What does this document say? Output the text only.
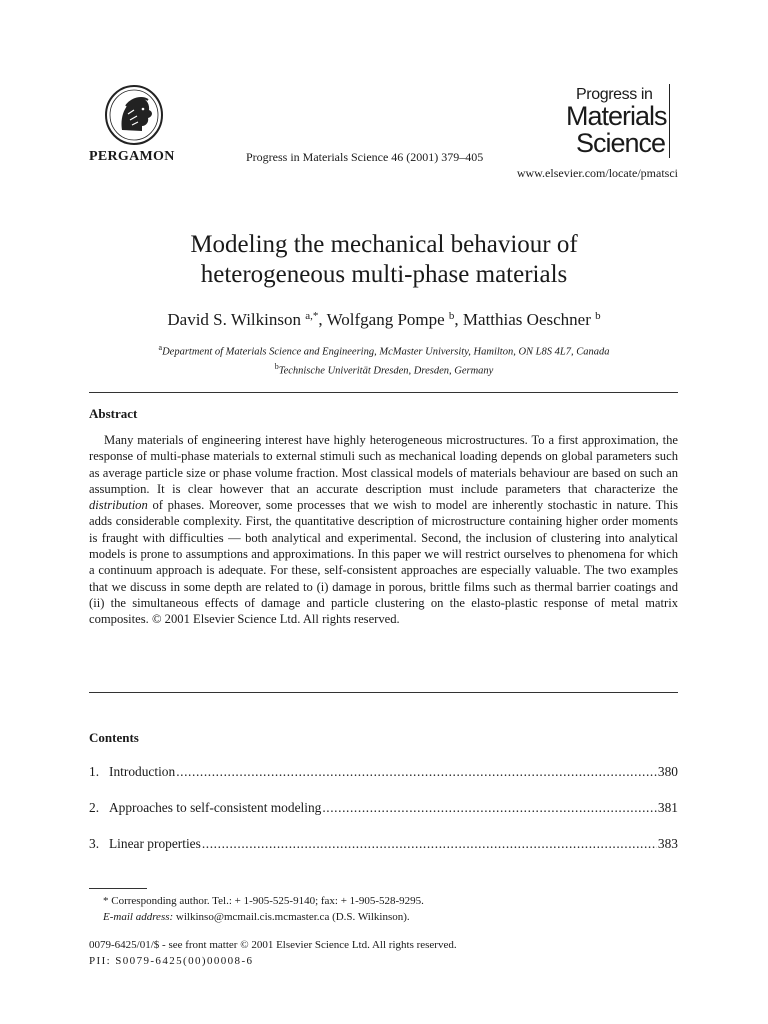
PERGAMON	Progress in Materials Science 46 (2001) 379–405
Progress in
Materials
Science
www.elsevier.com/locate/pmatsci
Modeling the mechanical behaviour of
heterogeneous multi-phase materials
David S. Wilkinson $^{a,*}$, Wolfgang Pompe $^b$, Matthias Oeschner $^b$
$^a$Department of Materials Science and Engineering, McMaster University, Hamilton, ON L8S 4L7, Canada
$^b$Technische Univerität Dresden, Dresden, Germany
Abstract
Many materials of engineering interest have highly heterogeneous microstructures. To a first approximation, the response of multi-phase materials to external stimuli such as mechanical loading depends on global parameters such as average particle size or phase volume fraction. Most classical models of materials behaviour are based on such an assumption. It is clear however that an accurate description must include parameters that characterize the distribution of phases. Moreover, some processes that we wish to model are inherently stochastic in nature. This adds considerable complexity. First, the quantitative description of microstructure containing higher order moments is fraught with difficulties — both analytical and experimental. Second, the inclusion of clustering into analytical models is prone to assumptions and approximations. In this paper we will restrict ourselves to phenomena for which a continuum approach is adequate. For these, self-consistent approaches are especially valuable. The two examples that we discuss in some depth are related to (i) damage in porous, brittle films such as thermal barrier coatings and (ii) the simultaneous effects of damage and particle clustering on the elasto-plastic response of metal matrix composites. © 2001 Elsevier Science Ltd. All rights reserved.
Contents
1. Introduction .....	380
2. Approaches to self-consistent modeling .....	381
3. Linear properties .....	383
* Corresponding author. Tel.: + 1-905-525-9140; fax: + 1-905-528-9295.
E-mail address: wilkinso@mcmail.cis.mcmaster.ca (D.S. Wilkinson).
0079-6425/01/$ - see front matter © 2001 Elsevier Science Ltd. All rights reserved.
PII: S0079-6425(00)00008-6
